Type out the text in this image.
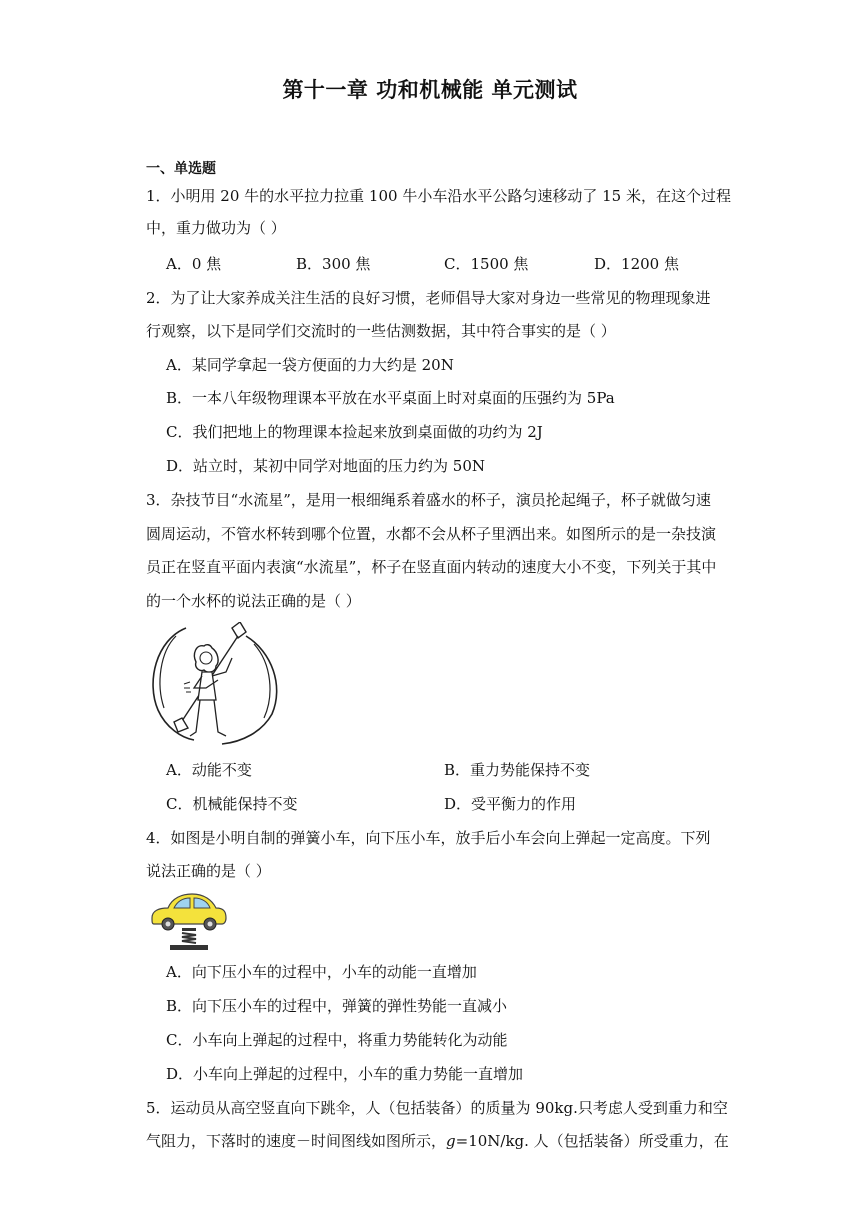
第十一章 功和机械能 单元测试
一、单选题
1．小明用 20 牛的水平拉力拉重 100 牛小车沿水平公路匀速移动了 15 米，在这个过程
中，重力做功为（ ）
A．0 焦	B．300 焦	C．1500 焦	D．1200 焦
2．为了让大家养成关注生活的良好习惯，老师倡导大家对身边一些常见的物理现象进
行观察，以下是同学们交流时的一些估测数据，其中符合事实的是（ ）
A．某同学拿起一袋方便面的力大约是 20N
B．一本八年级物理课本平放在水平桌面上时对桌面的压强约为 5Pa
C．我们把地上的物理课本捡起来放到桌面做的功约为 2J
D．站立时，某初中同学对地面的压力约为 50N
3．杂技节目“水流星”，是用一根细绳系着盛水的杯子，演员抡起绳子，杯子就做匀速
圆周运动，不管水杯转到哪个位置，水都不会从杯子里洒出来。如图所示的是一杂技演
员正在竖直平面内表演“水流星”，杯子在竖直面内转动的速度大小不变，下列关于其中
的一个水杯的说法正确的是（ ）
A．动能不变	B．重力势能保持不变
C．机械能保持不变	D．受平衡力的作用
4．如图是小明自制的弹簧小车，向下压小车，放手后小车会向上弹起一定高度。下列
说法正确的是（ ）
A．向下压小车的过程中，小车的动能一直增加
B．向下压小车的过程中，弹簧的弹性势能一直减小
C．小车向上弹起的过程中，将重力势能转化为动能
D．小车向上弹起的过程中，小车的重力势能一直增加
5．运动员从高空竖直向下跳伞，人（包括装备）的质量为 90kg.只考虑人受到重力和空
气阻力，下落时的速度－时间图线如图所示，g=10N/kg. 人（包括装备）所受重力，在
